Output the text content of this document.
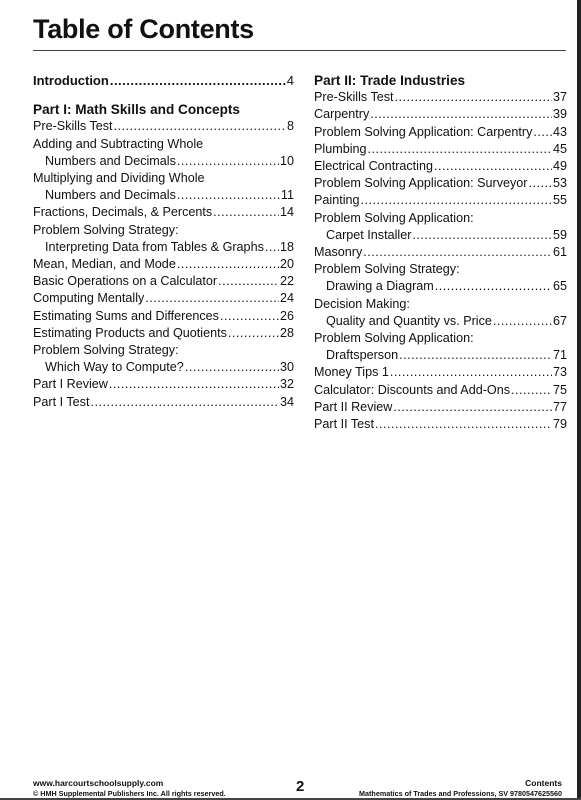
Table of Contents
Introduction .....	4
Part I: Math Skills and Concepts
Pre-Skills Test .....	8
Adding and Subtracting Whole
Numbers and Decimals .....	10
Multiplying and Dividing Whole
Numbers and Decimals .....	11
Fractions, Decimals, & Percents .....	14
Problem Solving Strategy:
Interpreting Data from Tables & Graphs ..... 18
Mean, Median, and Mode .....	20
Basic Operations on a Calculator .....	22
Computing Mentally .....	24
Estimating Sums and Differences .....	26
Estimating Products and Quotients .....	28
Problem Solving Strategy:
Which Way to Compute? .....	30
Part I Review .....	32
Part I Test .....	34
Part II: Trade Industries
Pre-Skills Test .....	37
Carpentry .....	39
Problem Solving Application: Carpentry ..... 43
Plumbing .....	45
Electrical Contracting .....	49
Problem Solving Application: Surveyor ..... 53
Painting .....	55
Problem Solving Application:
Carpet Installer .....	59
Masonry .....	61
Problem Solving Strategy:
Drawing a Diagram .....	65
Decision Making:
Quality and Quantity vs. Price .....	67
Problem Solving Application:
Draftsperson .....	71
Money Tips 1 .....	73
Calculator: Discounts and Add-Ons .....	75
Part II Review .....	77
Part II Test .....	79
www.harcourtschoolsupply.com
© HMH Supplemental Publishers Inc. All rights reserved.	2	Contents
Mathematics of Trades and Professions, SV 9780547625560
